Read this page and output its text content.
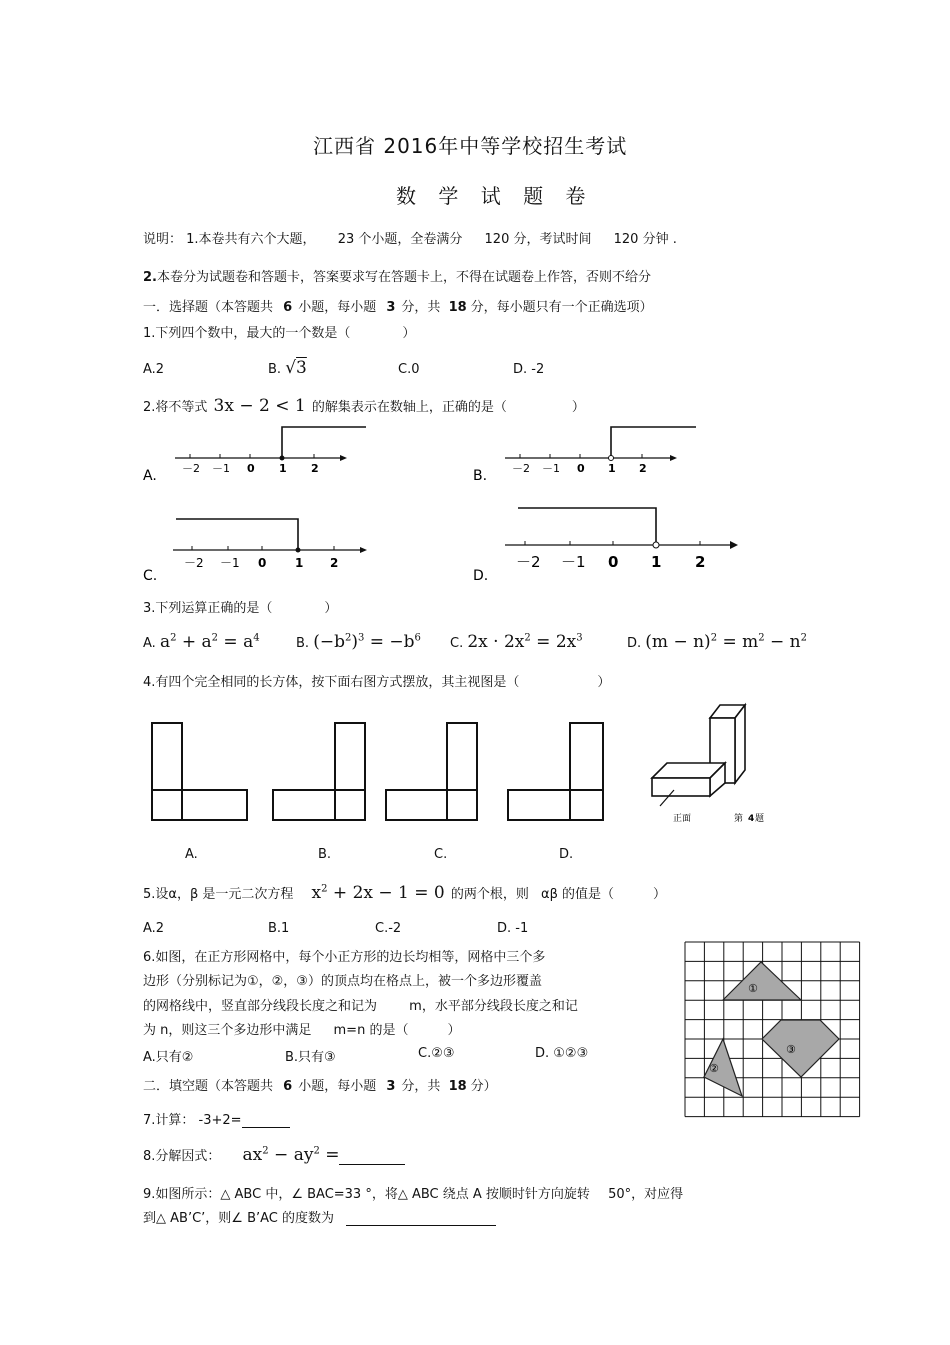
江西省 2016年中等学校招生考试
数 学 试 题 卷
说明： 1.本卷共有六个大题， 23 个小题，全卷满分 120 分，考试时间 120 分钟 .
2.本卷分为试题卷和答题卡，答案要求写在答题卡上，不得在试题卷上作答，否则不给分
一．选择题（本答题共 6 小题，每小题 3 分，共 18 分，每小题只有一个正确选项）
1.下列四个数中，最大的一个数是（　　　　）
A.2	B. √3	C.0	D. -2
2.将不等式 3x − 2 < 1 的解集表示在数轴上，正确的是（　　　　　）
－2 －1 0 1 2
A.	－2 －1 0 1 2
B.
－2 －1 0 1 2
C.
－2 －1 0 1 2
D.
3.下列运算正确的是（　　　　）
A. $a^2 + a^2 = a^4$	B. $(-b^2)^3 = -b^6$ C. $2x \cdot 2x^2 = 2x^3$	D. $(m - n)^2 = m^2 - n^2$
4.有四个完全相同的长方体，按下面右图方式摆放，其主视图是（　　　　　　）
正面	第 4 题
A.	B.	C.	D.
5.设α，β 是一元二次方程 $x^2 + 2x - 1 = 0$ 的两个根，则 αβ 的值是（　　　）
A.2	B.1	C.-2	D. -1
6.如图，在正方形网格中，每个小正方形的边长均相等，网格中三个多
边形（分别标记为①，②，③）的顶点均在格点上，被一个多边形覆盖
的网格线中，竖直部分线段长度之和记为 m，水平部分线段长度之和记
为 n，则这三个多边形中满足 m=n 的是（　　　）
A.只有②	B.只有③	C.②③	D. ①②③
①
②
③
二．填空题（本答题共 6 小题，每小题 3 分，共 18 分）
7.计算： -3+2=
8.分解因式： $ax^2 - ay^2$ =
9.如图所示：△ ABC 中，∠ BAC=33 °，将△ ABC 绕点 A 按顺时针方向旋转 50°，对应得
到△ AB’C’，则∠ B’AC 的度数为
